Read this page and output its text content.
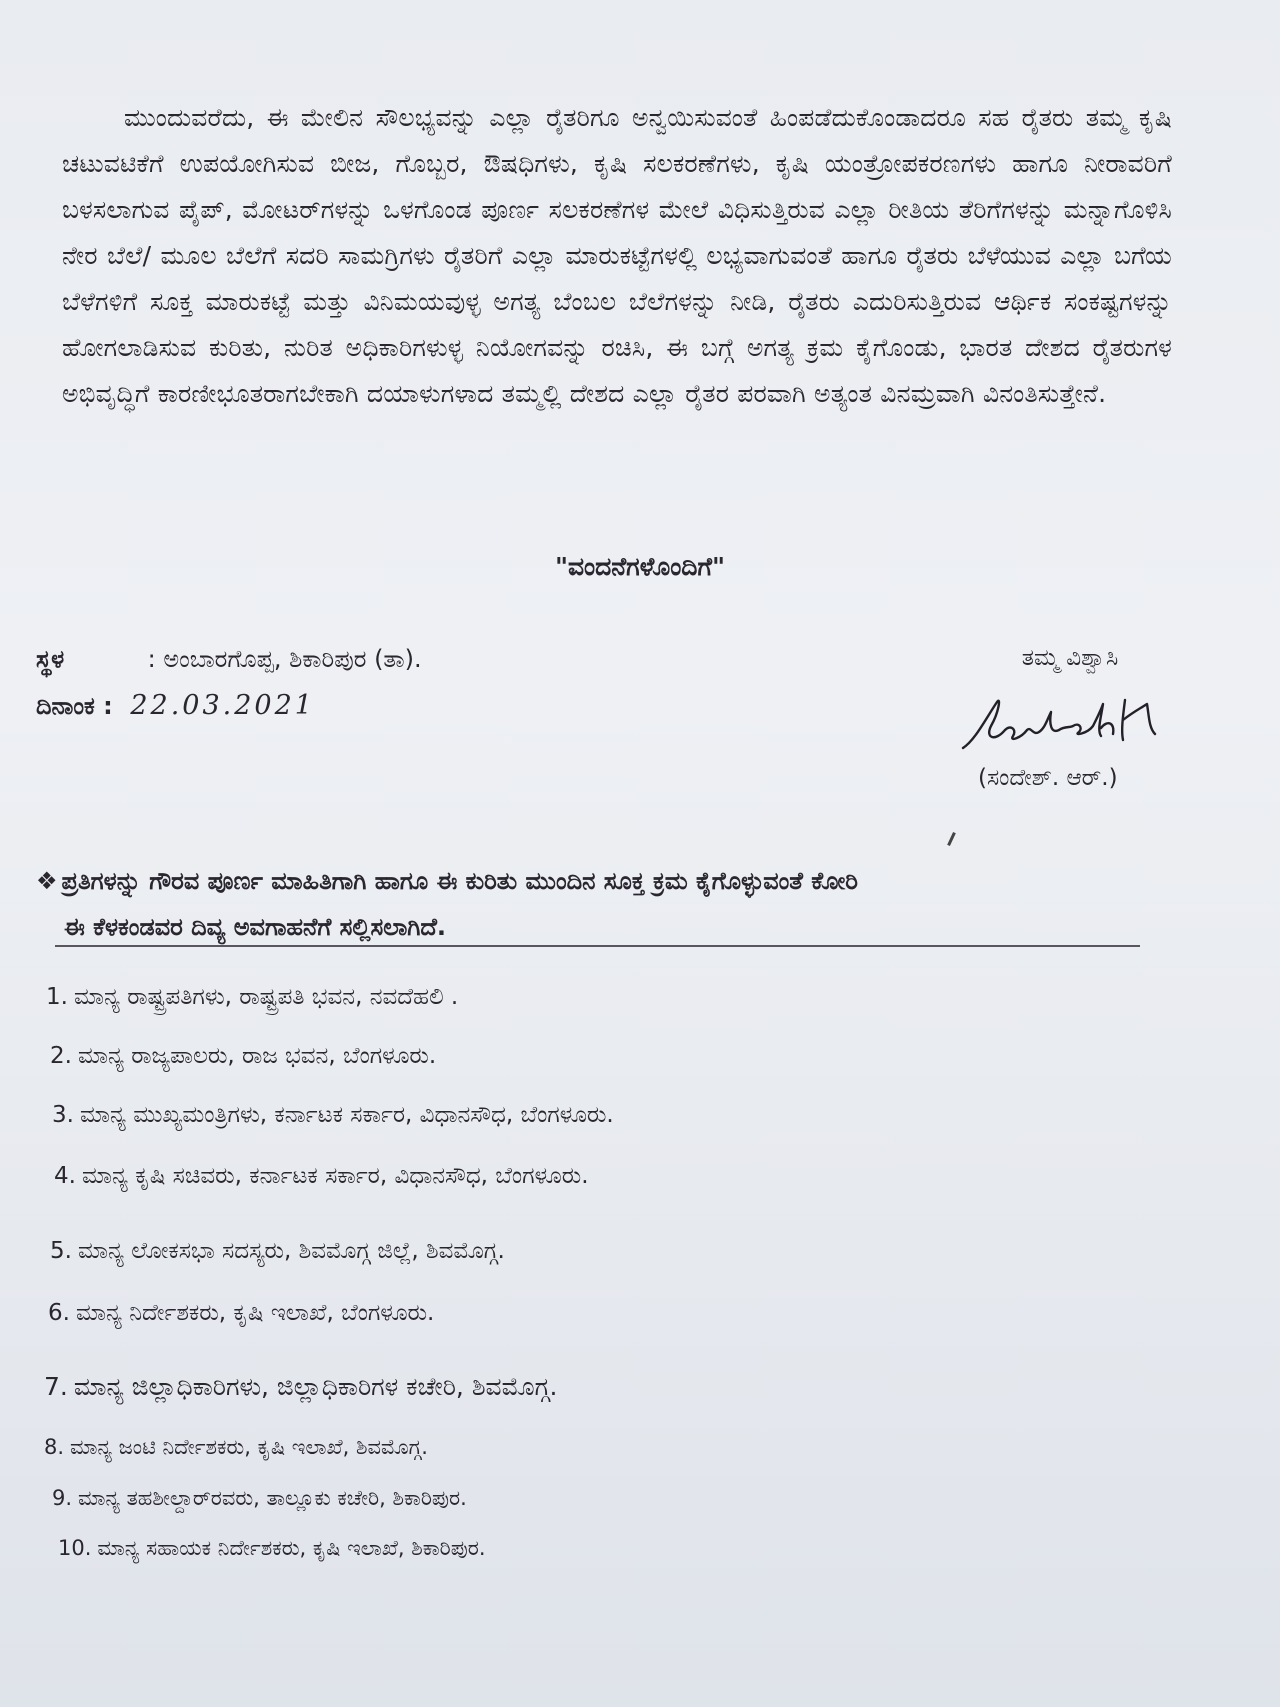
ಮುಂದುವರೆದು, ಈ ಮೇಲಿನ ಸೌಲಭ್ಯವನ್ನು ಎಲ್ಲಾ ರೈತರಿಗೂ ಅನ್ವಯಿಸುವಂತೆ ಹಿಂಪಡೆದುಕೊಂಡಾದರೂ ಸಹ ರೈತರು ತಮ್ಮ ಕೃಷಿ ಚಟುವಟಿಕೆಗೆ ಉಪಯೋಗಿಸುವ ಬೀಜ, ಗೊಬ್ಬರ, ಔಷಧಿಗಳು, ಕೃಷಿ ಸಲಕರಣೆಗಳು, ಕೃಷಿ ಯಂತ್ರೋಪಕರಣಗಳು ಹಾಗೂ ನೀರಾವರಿಗೆ ಬಳಸಲಾಗುವ ಪೈಪ್, ಮೋಟರ್‌ಗಳನ್ನು ಒಳಗೊಂಡ ಪೂರ್ಣ ಸಲಕರಣೆಗಳ ಮೇಲೆ ವಿಧಿಸುತ್ತಿರುವ ಎಲ್ಲಾ ರೀತಿಯ ತೆರಿಗೆಗಳನ್ನು ಮನ್ನಾಗೊಳಿಸಿ ನೇರ ಬೆಲೆ/ ಮೂಲ ಬೆಲೆಗೆ ಸದರಿ ಸಾಮಗ್ರಿಗಳು ರೈತರಿಗೆ ಎಲ್ಲಾ ಮಾರುಕಟ್ಟೆಗಳಲ್ಲಿ ಲಭ್ಯವಾಗುವಂತೆ ಹಾಗೂ ರೈತರು ಬೆಳೆಯುವ ಎಲ್ಲಾ ಬಗೆಯ ಬೆಳೆಗಳಿಗೆ ಸೂಕ್ತ ಮಾರುಕಟ್ಟೆ ಮತ್ತು ವಿನಿಮಯವುಳ್ಳ ಅಗತ್ಯ ಬೆಂಬಲ ಬೆಲೆಗಳನ್ನು ನೀಡಿ, ರೈತರು ಎದುರಿಸುತ್ತಿರುವ ಆರ್ಥಿಕ ಸಂಕಷ್ಟಗಳನ್ನು ಹೋಗಲಾಡಿಸುವ ಕುರಿತು, ನುರಿತ ಅಧಿಕಾರಿಗಳುಳ್ಳ ನಿಯೋಗವನ್ನು ರಚಿಸಿ, ಈ ಬಗ್ಗೆ ಅಗತ್ಯ ಕ್ರಮ ಕೈಗೊಂಡು, ಭಾರತ ದೇಶದ ರೈತರುಗಳ ಅಭಿವೃದ್ಧಿಗೆ ಕಾರಣೀಭೂತರಾಗಬೇಕಾಗಿ ದಯಾಳುಗಳಾದ ತಮ್ಮಲ್ಲಿ ದೇಶದ ಎಲ್ಲಾ ರೈತರ ಪರವಾಗಿ ಅತ್ಯಂತ ವಿನಮ್ರವಾಗಿ ವಿನಂತಿಸುತ್ತೇನೆ.

"ವಂದನೆಗಳೊಂದಿಗೆ"
ಸ್ಥಳ	: ಅಂಬಾರಗೊಪ್ಪ, ಶಿಕಾರಿಪುರ (ತಾ).
ದಿನಾಂಕ : 22.03.2021
ತಮ್ಮ ವಿಶ್ವಾಸಿ
(ಸಂದೇಶ್. ಆರ್.)
❖ ಪ್ರತಿಗಳನ್ನು ಗೌರವ ಪೂರ್ಣ ಮಾಹಿತಿಗಾಗಿ ಹಾಗೂ ಈ ಕುರಿತು ಮುಂದಿನ ಸೂಕ್ತ ಕ್ರಮ ಕೈಗೊಳ್ಳುವಂತೆ ಕೋರಿ
ಈ ಕೆಳಕಂಡವರ ದಿವ್ಯ ಅವಗಾಹನೆಗೆ ಸಲ್ಲಿಸಲಾಗಿದೆ.
1. ಮಾನ್ಯ ರಾಷ್ಟ್ರಪತಿಗಳು, ರಾಷ್ಟ್ರಪತಿ ಭವನ, ನವದೆಹಲಿ .
2. ಮಾನ್ಯ ರಾಜ್ಯಪಾಲರು, ರಾಜ ಭವನ, ಬೆಂಗಳೂರು.
3. ಮಾನ್ಯ ಮುಖ್ಯಮಂತ್ರಿಗಳು, ಕರ್ನಾಟಕ ಸರ್ಕಾರ, ವಿಧಾನಸೌಧ, ಬೆಂಗಳೂರು.
4. ಮಾನ್ಯ ಕೃಷಿ ಸಚಿವರು, ಕರ್ನಾಟಕ ಸರ್ಕಾರ, ವಿಧಾನಸೌಧ, ಬೆಂಗಳೂರು.
5. ಮಾನ್ಯ ಲೋಕಸಭಾ ಸದಸ್ಯರು, ಶಿವಮೊಗ್ಗ ಜಿಲ್ಲೆ, ಶಿವಮೊಗ್ಗ.
6. ಮಾನ್ಯ ನಿರ್ದೇಶಕರು, ಕೃಷಿ ಇಲಾಖೆ, ಬೆಂಗಳೂರು.
7. ಮಾನ್ಯ ಜಿಲ್ಲಾಧಿಕಾರಿಗಳು, ಜಿಲ್ಲಾಧಿಕಾರಿಗಳ ಕಚೇರಿ, ಶಿವಮೊಗ್ಗ.
8. ಮಾನ್ಯ ಜಂಟಿ ನಿರ್ದೇಶಕರು, ಕೃಷಿ ಇಲಾಖೆ, ಶಿವಮೊಗ್ಗ.
9. ಮಾನ್ಯ ತಹಶೀಲ್ದಾರ್‌ರವರು, ತಾಲ್ಲೂಕು ಕಚೇರಿ, ಶಿಕಾರಿಪುರ.
10. ಮಾನ್ಯ ಸಹಾಯಕ ನಿರ್ದೇಶಕರು, ಕೃಷಿ ಇಲಾಖೆ, ಶಿಕಾರಿಪುರ.
